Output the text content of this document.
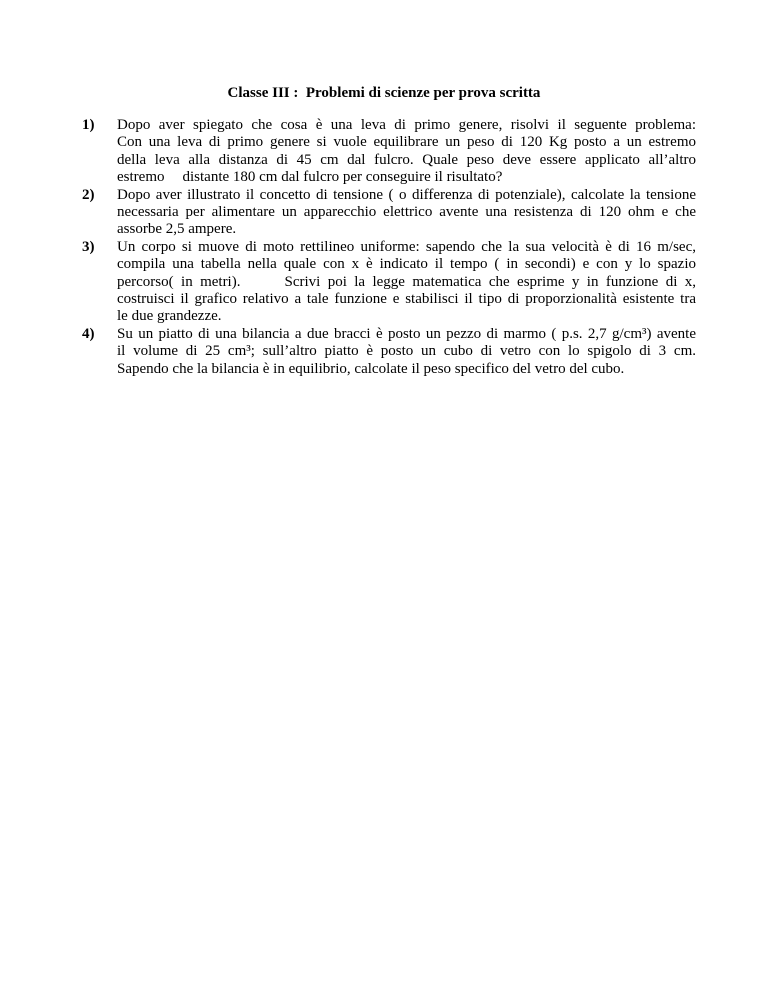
Classe III :  Problemi di scienze per prova scritta
1) Dopo aver spiegato che cosa è una leva di primo genere, risolvi il seguente problema:
Con una leva di primo genere si vuole equilibrare un peso di 120 Kg posto a un estremo
della leva alla distanza di 45 cm dal fulcro. Quale peso deve essere applicato all’altro
estremo distante 180 cm dal fulcro per conseguire il risultato?
2) Dopo aver illustrato il concetto di tensione ( o differenza di potenziale), calcolate la tensione
necessaria per alimentare un apparecchio elettrico avente una resistenza di 120 ohm e che
assorbe 2,5 ampere.
3) Un corpo si muove di moto rettilineo uniforme: sapendo che la sua velocità è di 16 m/sec,
compila una tabella nella quale con x è indicato il tempo ( in secondi) e con y lo spazio
percorso( in metri).	Scrivi poi la legge matematica che esprime y in funzione di x,
costruisci il grafico relativo a tale funzione e stabilisci il tipo di proporzionalità esistente tra
le due grandezze.
4) Su un piatto di una bilancia a due bracci è posto un pezzo di marmo ( p.s. 2,7 g/cm³) avente
il volume di 25 cm³; sull’altro piatto è posto un cubo di vetro con lo spigolo di 3 cm.
Sapendo che la bilancia è in equilibrio, calcolate il peso specifico del vetro del cubo.
